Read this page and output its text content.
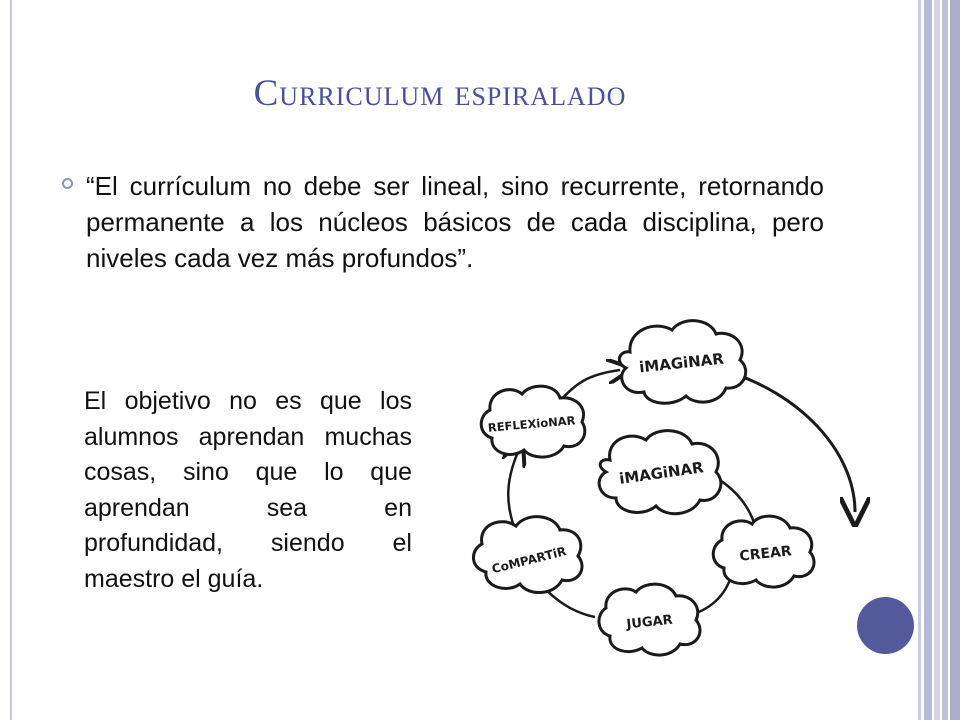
Curriculum espiralado
“El currículum no debe ser lineal, sino recurrente, retornando permanente a los núcleos básicos de cada disciplina, pero niveles cada vez más profundos”.
El objetivo no es que los alumnos aprendan muchas cosas, sino que lo que aprendan sea en profundidad, siendo el maestro el guía.
iMAGiNAR
REFLEXioNAR
iMAGiNAR
CoMPARTiR	CREAR
JUGAR
